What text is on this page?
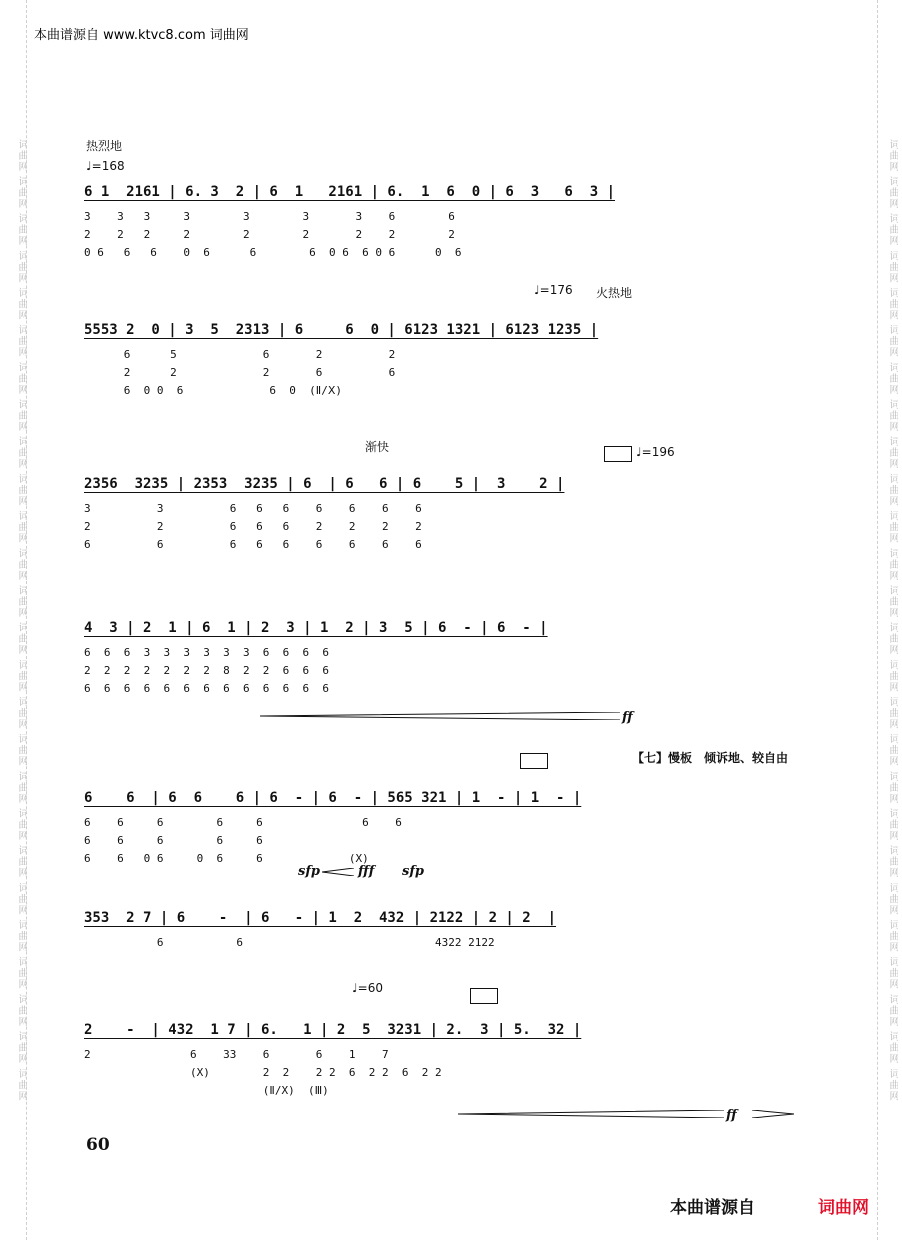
词曲网 词曲网 词曲网 词曲网 词曲网 词曲网 词曲网 词曲网 词曲网 词曲网 词曲网 词曲网 词曲网 词曲网 词曲网 词曲网 词曲网 词曲网 词曲网 词曲网 词曲网 词曲网 词曲网 词曲网 词曲网 词曲网	词曲网 词曲网 词曲网 词曲网 词曲网 词曲网 词曲网 词曲网 词曲网 词曲网 词曲网 词曲网 词曲网 词曲网 词曲网 词曲网 词曲网 词曲网 词曲网 词曲网 词曲网 词曲网 词曲网 词曲网 词曲网 词曲网
本曲谱源自 www.ktvc8.com 词曲网
热烈地
♩=168
♩=176 火热地
渐快	♩=196
【七】慢板　倾诉地、较自由
♩=60
6 1  2161 | 6. 3  2 | 6  1   2161 | 6.  1  6  0 | 6  3   6  3 |
3    3   3     3        3        3       3    6        6
2    2   2     2        2        2       2    2        2
0 6   6   6    0  6      6        6  0 6  6 0 6      0  6
5553 2  0 | 3  5  2313 | 6     6  0 | 6123 1321 | 6123 1235 |
6      5             6       2          2
2      2             2       6          6
6  0 0  6             6  0  (Ⅱ/Ⅹ)
2356  3235 | 2353  3235 | 6  | 6   6 | 6    5 |  3    2 |
3          3          6   6   6    6    6    6    6
2          2          6   6   6    2    2    2    2
6          6          6   6   6    6    6    6    6
4  3 | 2  1 | 6  1 | 2  3 | 1  2 | 3  5 | 6  - | 6  - |
6  6  6  3  3  3  3  3  3  6  6  6  6
2  2  2  2  2  2  2  8  2  2  6  6  6
6  6  6  6  6  6  6  6  6  6  6  6  6
ff
6    6  | 6  6    6 | 6  - | 6  - | 565 321 | 1  - | 1  - |
6    6     6        6     6               6    6
6    6     6        6     6
6    6   0 6     0  6     6             (X)
sfp	fff sfp
353  2 7 | 6    -  | 6   - | 1  2  432 | 2122 | 2 | 2  |
6           6                             4322 2122
2    -  | 432  1 7 | 6.   1 | 2  5  3231 | 2.  3 | 5.  32 |
2               6    33    6       6    1    7
(X)        2  2    2 2  6  2 2  6  2 2
(Ⅱ/X)  (Ⅲ)
ff
60
本曲谱源自	词曲网
